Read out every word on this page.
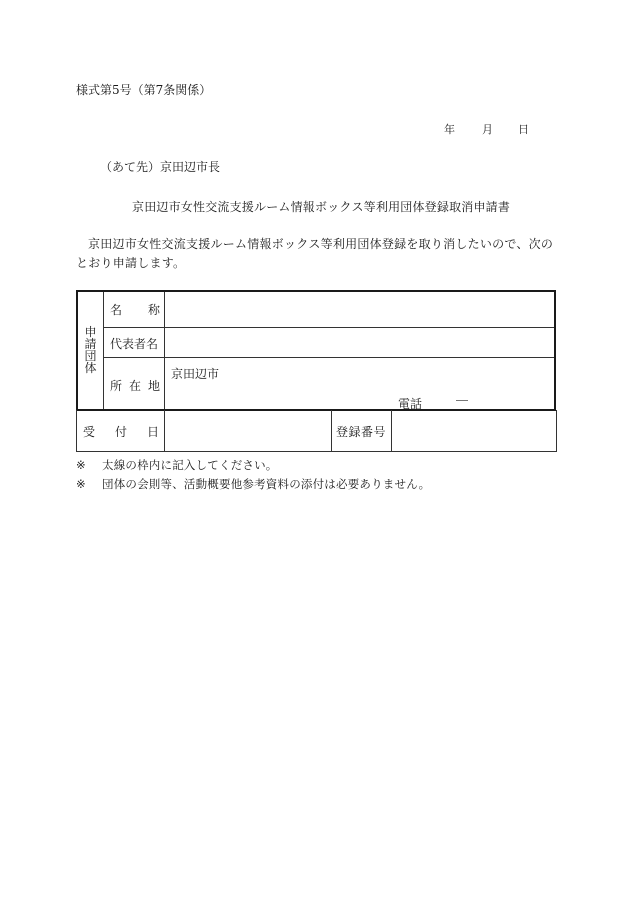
様式第5号（第7条関係）
年 月 日
（あて先）京田辺市長
京田辺市女性交流支援ルーム情報ボックス等利用団体登録取消申請書
京田辺市女性交流支援ルーム情報ボックス等利用団体登録を取り消したいので、次のとおり申請します。
申
請
団
体
名　　称
代表者名
所 在 地
京田辺市
電話
受　付　日	登録番号
※ 太線の枠内に記入してください。
※ 団体の会則等、活動概要他参考資料の添付は必要ありません。
